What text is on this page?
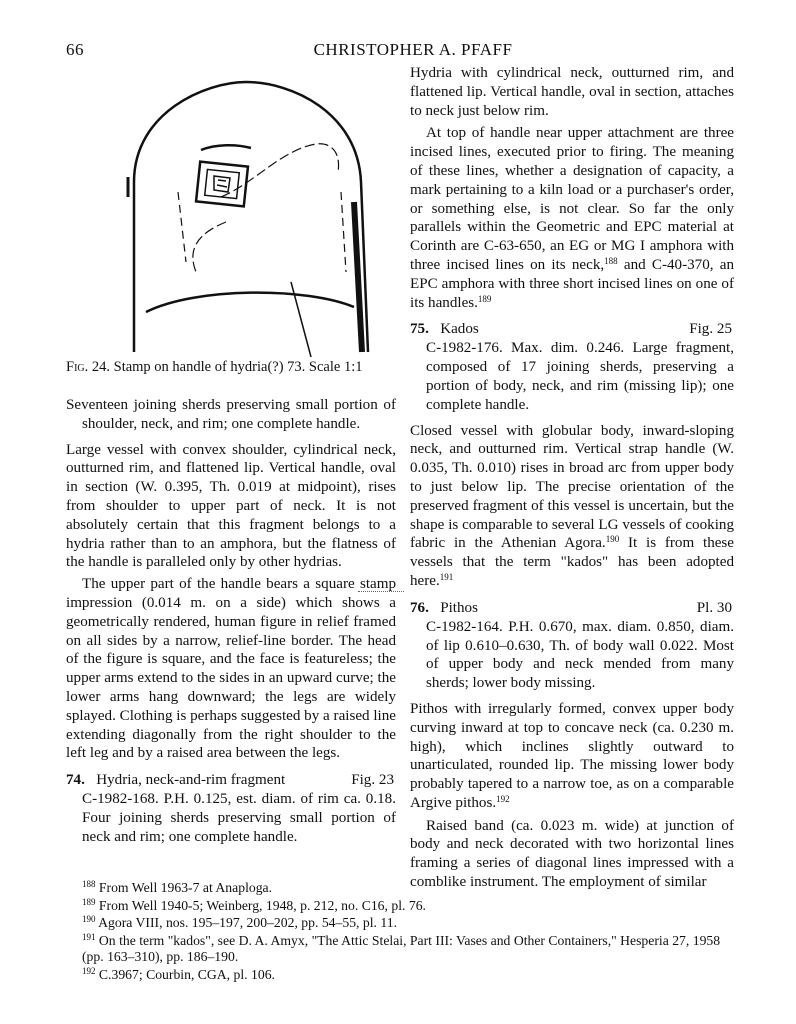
66	CHRISTOPHER A. PFAFF

Fig. 24. Stamp on handle of hydria(?) 73. Scale 1:1

Seventeen joining sherds preserving small portion of shoulder, neck, and rim; one complete handle.

Large vessel with convex shoulder, cylindrical neck, outturned rim, and flattened lip. Vertical handle, oval in section (W. 0.395, Th. 0.019 at midpoint), rises from shoulder to upper part of neck. It is not absolutely certain that this fragment belongs to a hydria rather than to an amphora, but the flatness of the handle is paralleled only by other hydrias.

The upper part of the handle bears a square stamp impression (0.014 m. on a side) which shows a geometrically rendered, human figure in relief framed on all sides by a narrow, relief-line border. The head of the figure is square, and the face is featureless; the upper arms extend to the sides in an upward curve; the lower arms hang downward; the legs are widely splayed. Clothing is perhaps suggested by a raised line extending diagonally from the right shoulder to the left leg and by a raised area between the legs.

74. Hydria, neck-and-rim fragment	Fig. 23

C-1982-168. P.H. 0.125, est. diam. of rim ca. 0.18. Four joining sherds preserving small portion of neck and rim; one complete handle.

Hydria with cylindrical neck, outturned rim, and flattened lip. Vertical handle, oval in section, attaches to neck just below rim.

At top of handle near upper attachment are three incised lines, executed prior to firing. The meaning of these lines, whether a designation of capacity, a mark pertaining to a kiln load or a purchaser's order, or something else, is not clear. So far the only parallels within the Geometric and EPC material at Corinth are C-63-650, an EG or MG I amphora with three incised lines on its neck,$^{188}$ and C-40-370, an EPC amphora with three short incised lines on one of its handles.$^{189}$

75. Kados	Fig. 25

C-1982-176. Max. dim. 0.246. Large fragment, composed of 17 joining sherds, preserving a portion of body, neck, and rim (missing lip); one complete handle.

Closed vessel with globular body, inward-sloping neck, and outturned rim. Vertical strap handle (W. 0.035, Th. 0.010) rises in broad arc from upper body to just below lip. The precise orientation of the preserved fragment of this vessel is uncertain, but the shape is comparable to several LG vessels of cooking fabric in the Athenian Agora.$^{190}$ It is from these vessels that the term "kados" has been adopted here.$^{191}$

76. Pithos	Pl. 30

C-1982-164. P.H. 0.670, max. diam. 0.850, diam. of lip 0.610–0.630, Th. of body wall 0.022. Most of upper body and neck mended from many sherds; lower body missing.

Pithos with irregularly formed, convex upper body curving inward at top to concave neck (ca. 0.230 m. high), which inclines slightly outward to unarticulated, rounded lip. The missing lower body probably tapered to a narrow toe, as on a comparable Argive pithos.$^{192}$

Raised band (ca. 0.023 m. wide) at junction of body and neck decorated with two horizontal lines framing a series of diagonal lines impressed with a comblike instrument. The employment of similar

$^{188}$ From Well 1963-7 at Anaploga.

$^{189}$ From Well 1940-5; Weinberg, 1948, p. 212, no. C16, pl. 76.

$^{190}$ Agora VIII, nos. 195–197, 200–202, pp. 54–55, pl. 11.

$^{191}$ On the term "kados", see D. A. Amyx, "The Attic Stelai, Part III: Vases and Other Containers," Hesperia 27, 1958 (pp. 163–310), pp. 186–190.

$^{192}$ C.3967; Courbin, CGA, pl. 106.
